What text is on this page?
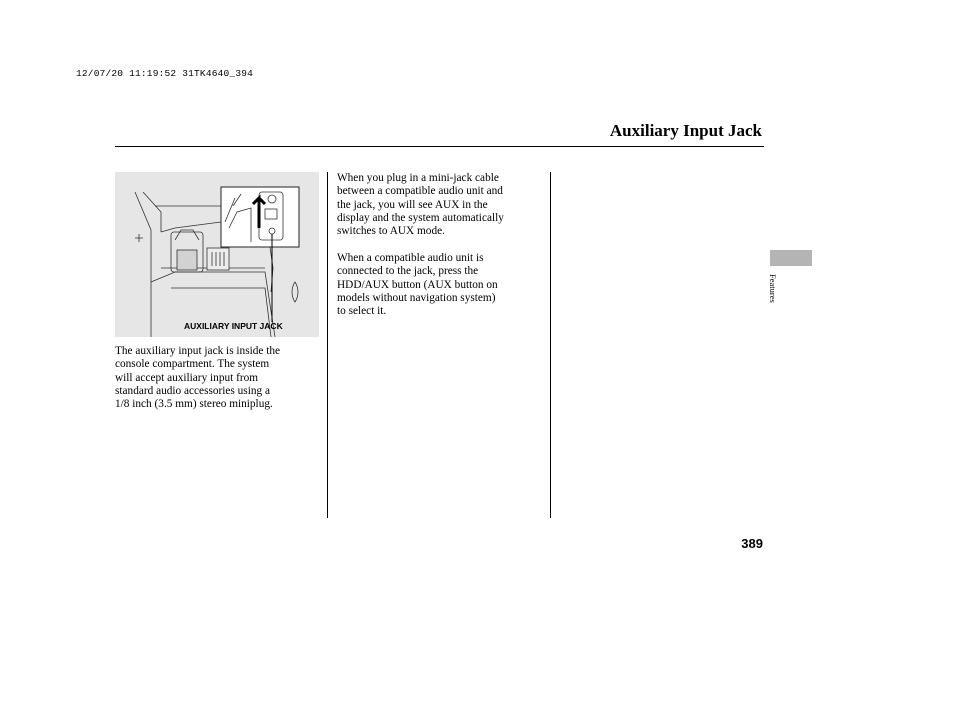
12/07/20 11:19:52 31TK4640_394
Auxiliary Input Jack
AUXILIARY INPUT JACK
The auxiliary input jack is inside the
console compartment. The system
will accept auxiliary input from
standard audio accessories using a
1/8 inch (3.5 mm) stereo miniplug.
When you plug in a mini-jack cable
between a compatible audio unit and
the jack, you will see AUX in the
display and the system automatically
switches to AUX mode.
When a compatible audio unit is
connected to the jack, press the
HDD/AUX button (AUX button on
models without navigation system)
to select it.
Features
389
